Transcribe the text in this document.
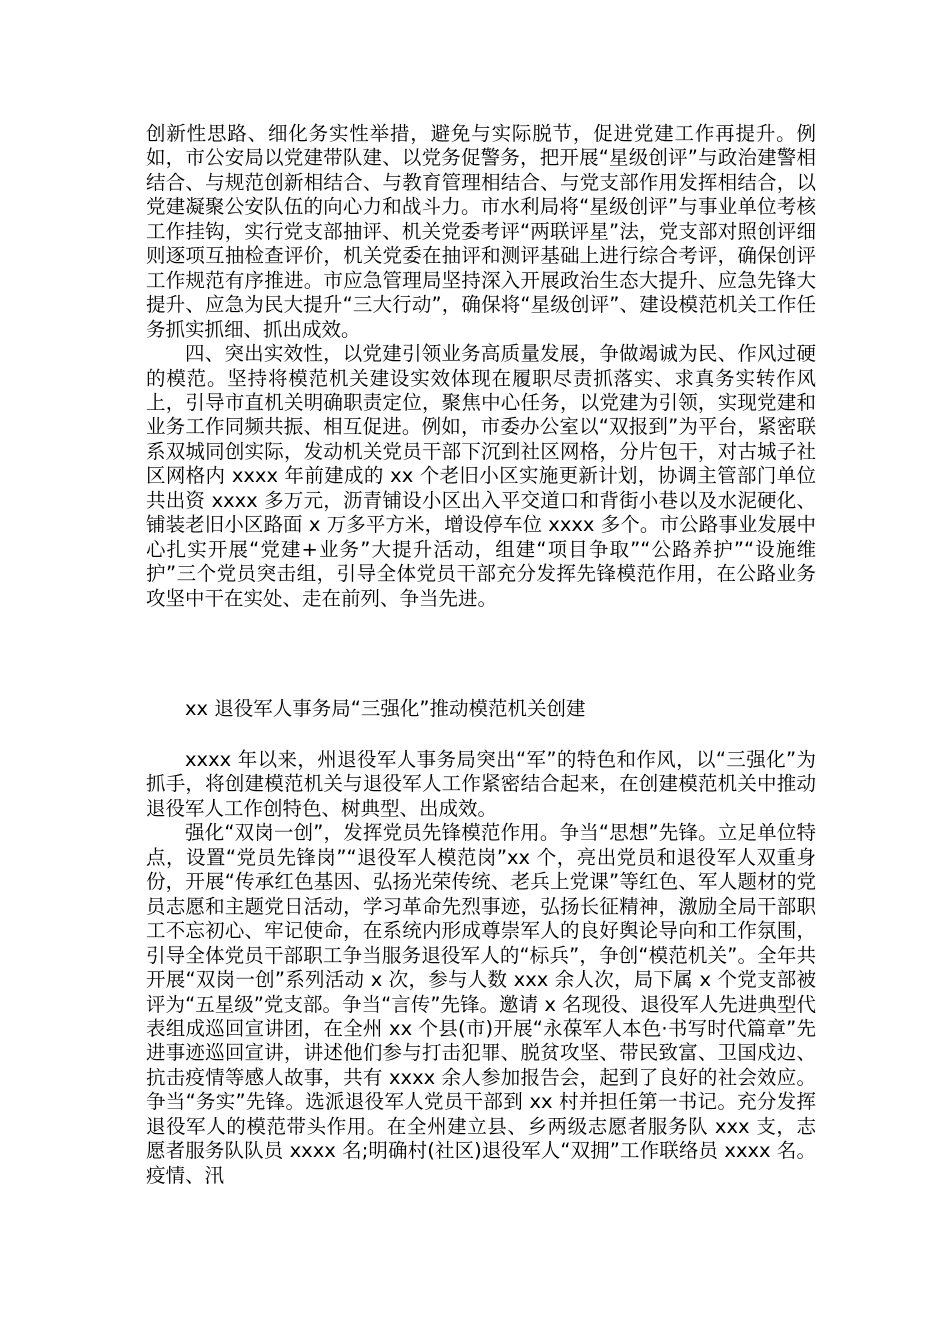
创新性思路、细化务实性举措，避免与实际脱节，促进党建工作再提升。例如，市公安局以党建带队建、以党务促警务，把开展“星级创评”与政治建警相结合、与规范创新相结合、与教育管理相结合、与党支部作用发挥相结合，以党建凝聚公安队伍的向心力和战斗力。市水利局将“星级创评”与事业单位考核工作挂钩，实行党支部抽评、机关党委考评“两联评星”法，党支部对照创评细则逐项互抽检查评价，机关党委在抽评和测评基础上进行综合考评，确保创评工作规范有序推进。市应急管理局坚持深入开展政治生态大提升、应急先锋大提升、应急为民大提升“三大行动”，确保将“星级创评”、建设模范机关工作任务抓实抓细、抓出成效。

四、突出实效性，以党建引领业务高质量发展，争做竭诚为民、作风过硬的模范。坚持将模范机关建设实效体现在履职尽责抓落实、求真务实转作风上，引导市直机关明确职责定位，聚焦中心任务，以党建为引领，实现党建和业务工作同频共振、相互促进。例如，市委办公室以“双报到”为平台，紧密联系双城同创实际，发动机关党员干部下沉到社区网格，分片包干，对古城子社区网格内 xxxx 年前建成的 xx 个老旧小区实施更新计划，协调主管部门单位共出资 xxxx 多万元，沥青铺设小区出入平交道口和背街小巷以及水泥硬化、铺装老旧小区路面 x 万多平方米，增设停车位 xxxx 多个。市公路事业发展中心扎实开展“党建+业务”大提升活动，组建“项目争取”“公路养护”“设施维护”三个党员突击组，引导全体党员干部充分发挥先锋模范作用，在公路业务攻坚中干在实处、走在前列、争当先进。

xx 退役军人事务局“三强化”推动模范机关创建

xxxx 年以来，州退役军人事务局突出“军”的特色和作风，以“三强化”为抓手，将创建模范机关与退役军人工作紧密结合起来，在创建模范机关中推动退役军人工作创特色、树典型、出成效。

强化“双岗一创”，发挥党员先锋模范作用。争当“思想”先锋。立足单位特点，设置“党员先锋岗”“退役军人模范岗”xx 个，亮出党员和退役军人双重身份，开展“传承红色基因、弘扬光荣传统、老兵上党课”等红色、军人题材的党员志愿和主题党日活动，学习革命先烈事迹，弘扬长征精神，激励全局干部职工不忘初心、牢记使命，在系统内形成尊崇军人的良好舆论导向和工作氛围，引导全体党员干部职工争当服务退役军人的“标兵”，争创“模范机关”。全年共开展“双岗一创”系列活动 x 次，参与人数 xxx 余人次，局下属 x 个党支部被评为“五星级”党支部。争当“言传”先锋。邀请 x 名现役、退役军人先进典型代表组成巡回宣讲团，在全州 xx 个县(市)开展“永葆军人本色·书写时代篇章”先进事迹巡回宣讲，讲述他们参与打击犯罪、脱贫攻坚、带民致富、卫国戍边、抗击疫情等感人故事，共有 xxxx 余人参加报告会，起到了良好的社会效应。争当“务实”先锋。选派退役军人党员干部到 xx 村并担任第一书记。充分发挥退役军人的模范带头作用。在全州建立县、乡两级志愿者服务队 xxx 支，志愿者服务队队员 xxxx 名;明确村(社区)退役军人“双拥”工作联络员 xxxx 名。疫情、汛
